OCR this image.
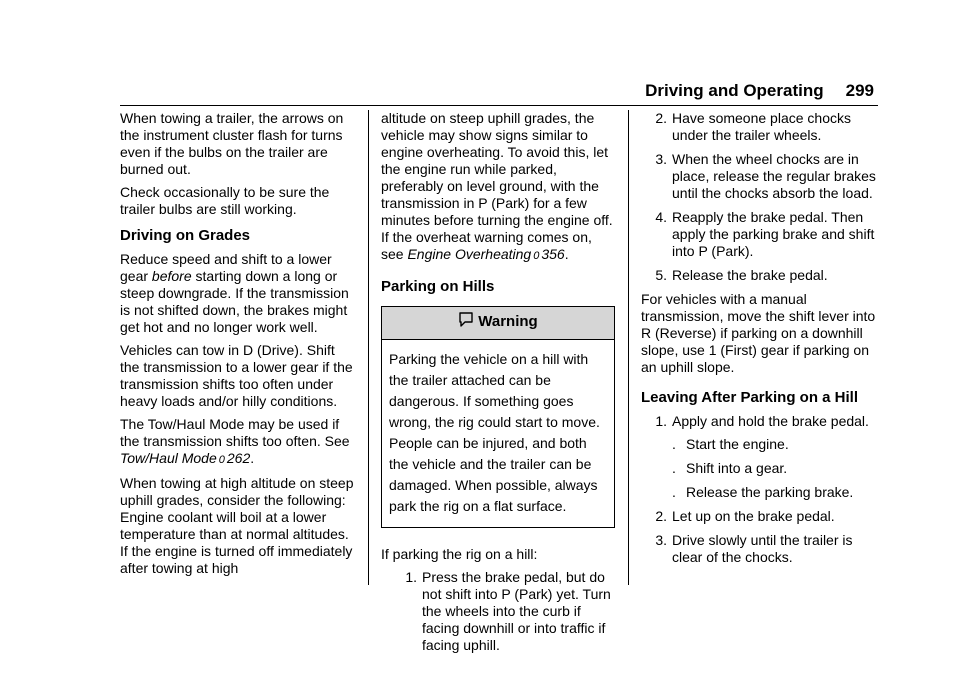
Driving and Operating 299

When towing a trailer, the arrows on the instrument cluster flash for turns even if the bulbs on the trailer are burned out.

Check occasionally to be sure the trailer bulbs are still working.

Driving on Grades

Reduce speed and shift to a lower gear before starting down a long or steep downgrade. If the transmission is not shifted down, the brakes might get hot and no longer work well.

Vehicles can tow in D (Drive). Shift the transmission to a lower gear if the transmission shifts too often under heavy loads and/or hilly conditions.

The Tow/Haul Mode may be used if the transmission shifts too often. See Tow/Haul Mode 0 262.

When towing at high altitude on steep uphill grades, consider the following: Engine coolant will boil at a lower temperature than at normal altitudes. If the engine is turned off immediately after towing at high

altitude on steep uphill grades, the vehicle may show signs similar to engine overheating. To avoid this, let the engine run while parked, preferably on level ground, with the transmission in P (Park) for a few minutes before turning the engine off. If the overheat warning comes on, see Engine Overheating 0 356.

Parking on Hills
Warning
Parking the vehicle on a hill with the trailer attached can be dangerous. If something goes wrong, the rig could start to move. People can be injured, and both the vehicle and the trailer can be damaged. When possible, always park the rig on a flat surface.

If parking the rig on a hill:

1. Press the brake pedal, but do not shift into P (Park) yet. Turn the wheels into the curb if facing downhill or into traffic if facing uphill.
2. Have someone place chocks under the trailer wheels.
3. When the wheel chocks are in place, release the regular brakes until the chocks absorb the load.
4. Reapply the brake pedal. Then apply the parking brake and shift into P (Park).
5. Release the brake pedal.

For vehicles with a manual transmission, move the shift lever into R (Reverse) if parking on a downhill slope, use 1 (First) gear if parking on an uphill slope.

Leaving After Parking on a Hill
1. Apply and hold the brake pedal.
. Start the engine.
. Shift into a gear.
. Release the parking brake.
2. Let up on the brake pedal.
3. Drive slowly until the trailer is clear of the chocks.
